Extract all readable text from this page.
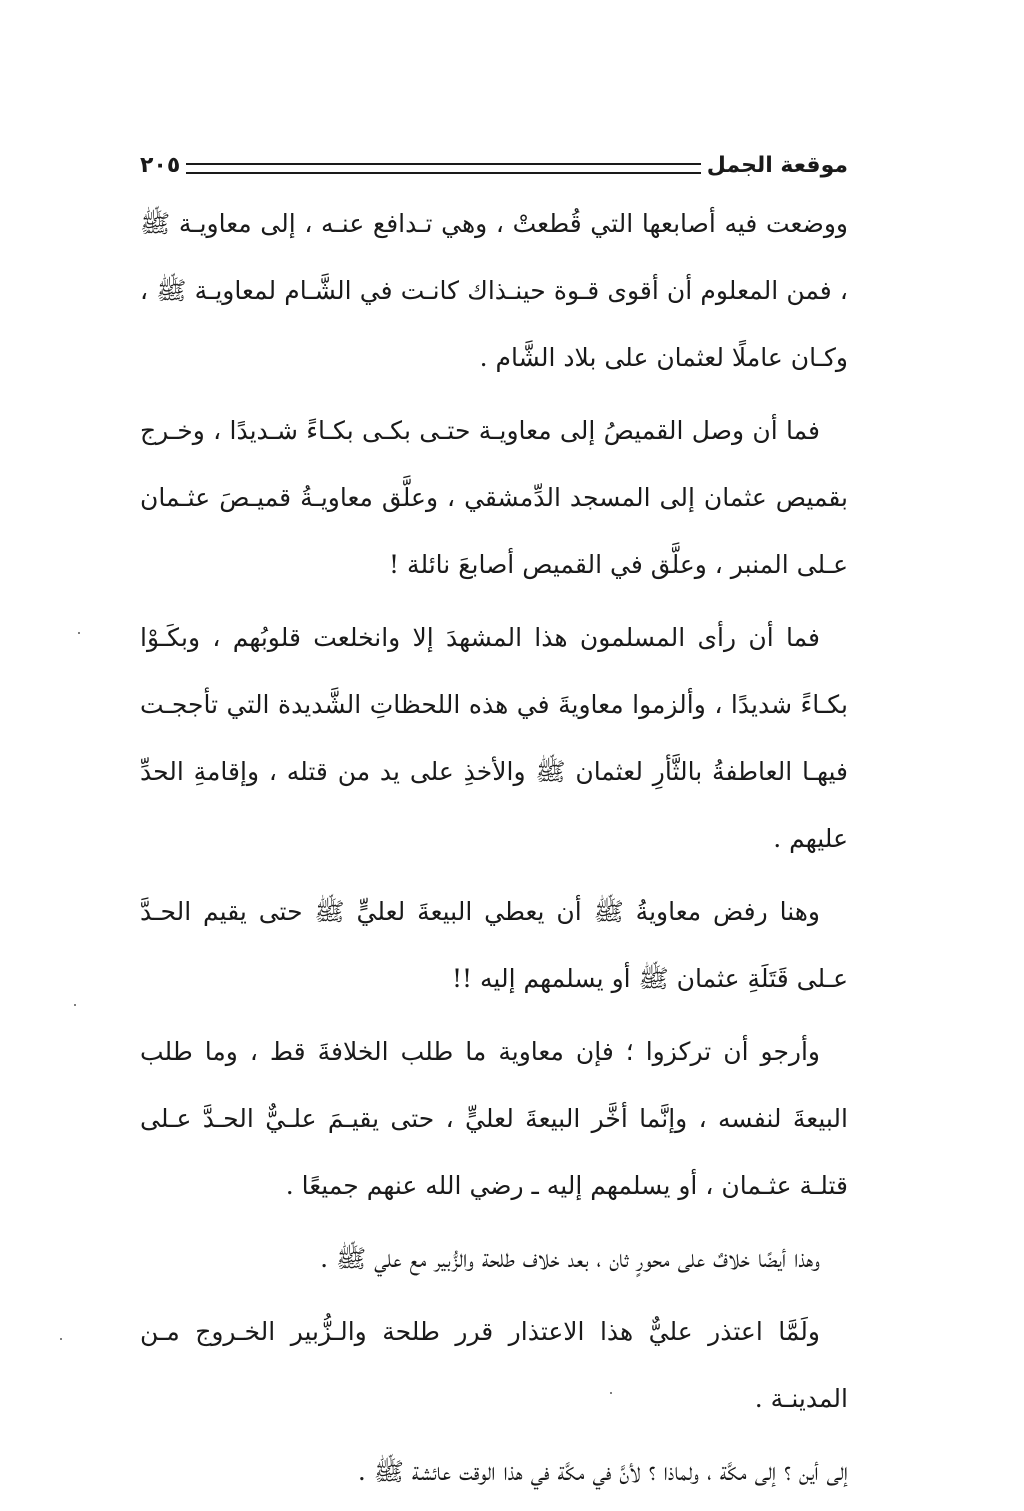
موقعة الجمل
٢٠٥

ووضعت فيه أصابعها التي قُطعتْ ، وهي تـدافع عنـه ، إلى معاويـة ﷺ ، فمن المعلوم أن أقوى قـوة حينـذاك كانـت في الشَّـام لمعاويـة ﷺ ، وكـان عاملًا لعثمان على بلاد الشَّام .

فما أن وصل القميصُ إلى معاويـة حتـى بكـى بكـاءً شـديدًا ، وخـرج بقميص عثمان إلى المسجد الدِّمشقي ، وعلَّق معاويـةُ قميـصَ عثـمان عـلى المنبر ، وعلَّق في القميص أصابعَ نائلة !

فما أن رأى المسلمون هذا المشهدَ إلا وانخلعت قلوبُهم ، وبكَـوْا بكـاءً شديدًا ، وألزموا معاويةَ في هذه اللحظاتِ الشَّديدة التي تأججـت فيهـا العاطفةُ بالثَّأرِ لعثمان ﷺ والأخذِ على يد من قتله ، وإقامةِ الحدِّ عليهم .

وهنا رفض معاويةُ ﷺ أن يعطي البيعةَ لعليٍّ ﷺ حتى يقيم الحـدَّ عـلى قَتَلَةِ عثمان ﷺ أو يسلمهم إليه !!

وأرجو أن تركزوا ؛ فإن معاوية ما طلب الخلافةَ قط ، وما طلب البيعةَ لنفسه ، وإنَّما أخَّر البيعةَ لعليٍّ ، حتى يقيـمَ علـيٌّ الحـدَّ عـلى قتلـة عثـمان ، أو يسلمهم إليه ـ رضي الله عنهم جميعًا .

وهذا أيضًا خلافٌ على محورٍ ثان ، بعد خلاف طلحة والزُّبير مع علي ﷺ .

ولَمَّا اعتذر عليٌّ هذا الاعتذار قرر طلحة والـزُّبير الخـروج مـن المدينـة .

إلى أين ؟ إلى مكَّة ، ولماذا ؟ لأنَّ في مكَّة في هذا الوقت عائشة ﷺ .
